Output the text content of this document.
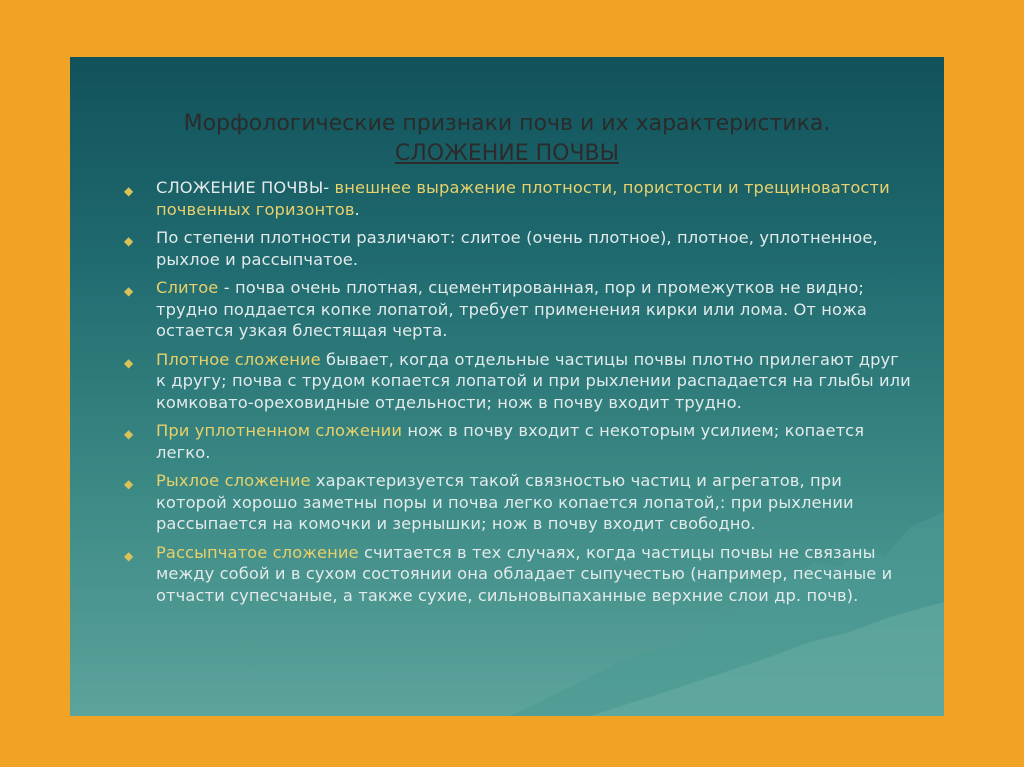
Морфологические признаки почв и их характеристика.
СЛОЖЕНИЕ ПОЧВЫ
◆ СЛОЖЕНИЕ ПОЧВЫ- внешнее выражение плотности, пористости и трещиноватости почвенных горизонтов.
◆ По степени плотности различают: слитое (очень плотное), плотное, уплотненное, рыхлое и рассыпчатое.
◆ Слитое - почва очень плотная, сцементированная, пор и промежутков не видно; трудно поддается копке лопатой, требует применения кирки или лома. От ножа остается узкая блестящая черта.
◆ Плотное сложение бывает, когда отдельные частицы почвы плотно прилегают друг к другу; почва с трудом копается лопатой и при рыхлении распадается на глыбы или комковато-ореховидные отдельности; нож в почву входит трудно.
◆ При уплотненном сложении нож в почву входит с некоторым усилием; копается легко.
◆ Рыхлое сложение характеризуется такой связностью частиц и агрегатов, при которой хорошо заметны поры и почва легко копается лопатой,: при рыхлении рассыпается на комочки и зернышки; нож в почву входит свободно.
◆ Рассыпчатое сложение считается в тех случаях, когда частицы почвы не связаны между собой и в сухом состоянии она обладает сыпучестью (например, песчаные и отчасти супесчаные, а также сухие, сильновыпаханные верхние слои др. почв).
